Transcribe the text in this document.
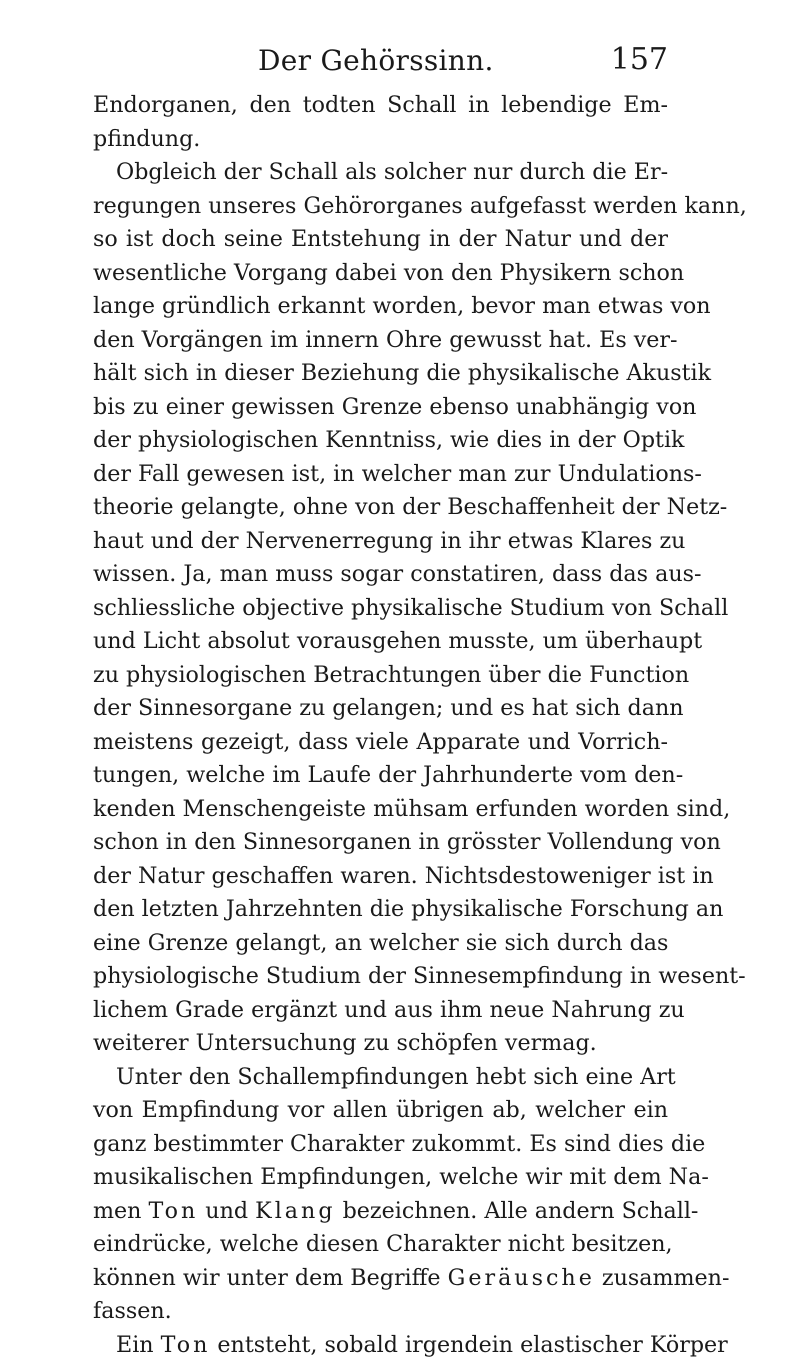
Der Gehörssinn.	157
Endorganen, den todten Schall in lebendige Em-
pfindung.
Obgleich der Schall als solcher nur durch die Er-
regungen unseres Gehörorganes aufgefasst werden kann,
so ist doch seine Entstehung in der Natur und der
wesentliche Vorgang dabei von den Physikern schon
lange gründlich erkannt worden, bevor man etwas von
den Vorgängen im innern Ohre gewusst hat. Es ver-
hält sich in dieser Beziehung die physikalische Akustik
bis zu einer gewissen Grenze ebenso unabhängig von
der physiologischen Kenntniss, wie dies in der Optik
der Fall gewesen ist, in welcher man zur Undulations-
theorie gelangte, ohne von der Beschaffenheit der Netz-
haut und der Nervenerregung in ihr etwas Klares zu
wissen. Ja, man muss sogar constatiren, dass das aus-
schliessliche objective physikalische Studium von Schall
und Licht absolut vorausgehen musste, um überhaupt
zu physiologischen Betrachtungen über die Function
der Sinnesorgane zu gelangen; und es hat sich dann
meistens gezeigt, dass viele Apparate und Vorrich-
tungen, welche im Laufe der Jahrhunderte vom den-
kenden Menschengeiste mühsam erfunden worden sind,
schon in den Sinnesorganen in grösster Vollendung von
der Natur geschaffen waren. Nichtsdestoweniger ist in
den letzten Jahrzehnten die physikalische Forschung an
eine Grenze gelangt, an welcher sie sich durch das
physiologische Studium der Sinnesempfindung in wesent-
lichem Grade ergänzt und aus ihm neue Nahrung zu
weiterer Untersuchung zu schöpfen vermag.
Unter den Schallempfindungen hebt sich eine Art
von Empfindung vor allen übrigen ab, welcher ein
ganz bestimmter Charakter zukommt. Es sind dies die
musikalischen Empfindungen, welche wir mit dem Na-
men Ton und Klang bezeichnen. Alle andern Schall-
eindrücke, welche diesen Charakter nicht besitzen,
können wir unter dem Begriffe Geräusche zusammen-
fassen.
Ein Ton entsteht, sobald irgendein elastischer Körper
